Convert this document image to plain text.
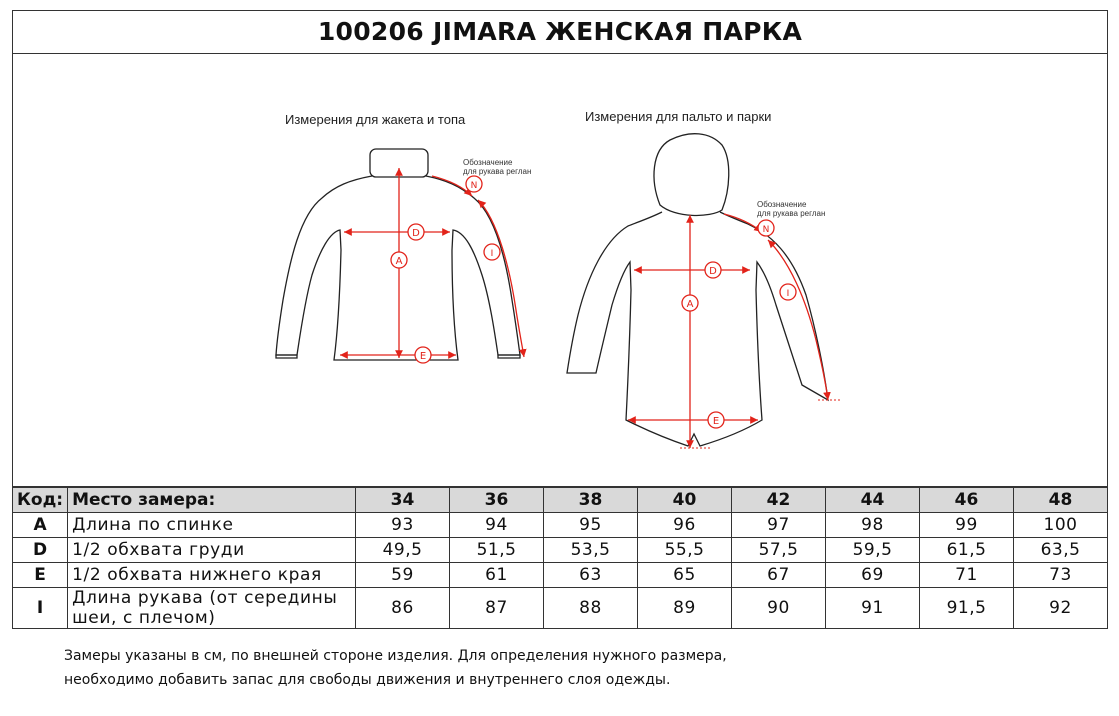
100206 JIMARA ЖЕНСКАЯ ПАРКА
Измерения для жакета и топа	Измерения для пальто и парки
Обозначение
для рукава реглан
Обозначение
для рукава реглан
A
D
E
N
I
A
D
E
N
I
Код:	Место замера:	34	36	38	40	42	44	46	48
A	Длина по спинке	93	94	95	96	97	98	99	100
D	1/2 обхвата груди	49,5	51,5	53,5	55,5	57,5	59,5	61,5	63,5
E	1/2 обхвата нижнего края	59	61	63	65	67	69	71	73
I	Длина рукава (от середины шеи, с плечом)	86	87	88	89	90	91	91,5	92
Замеры указаны в см, по внешней стороне изделия. Для определения нужного размера,
необходимо добавить запас для свободы движения и внутреннего слоя одежды.
